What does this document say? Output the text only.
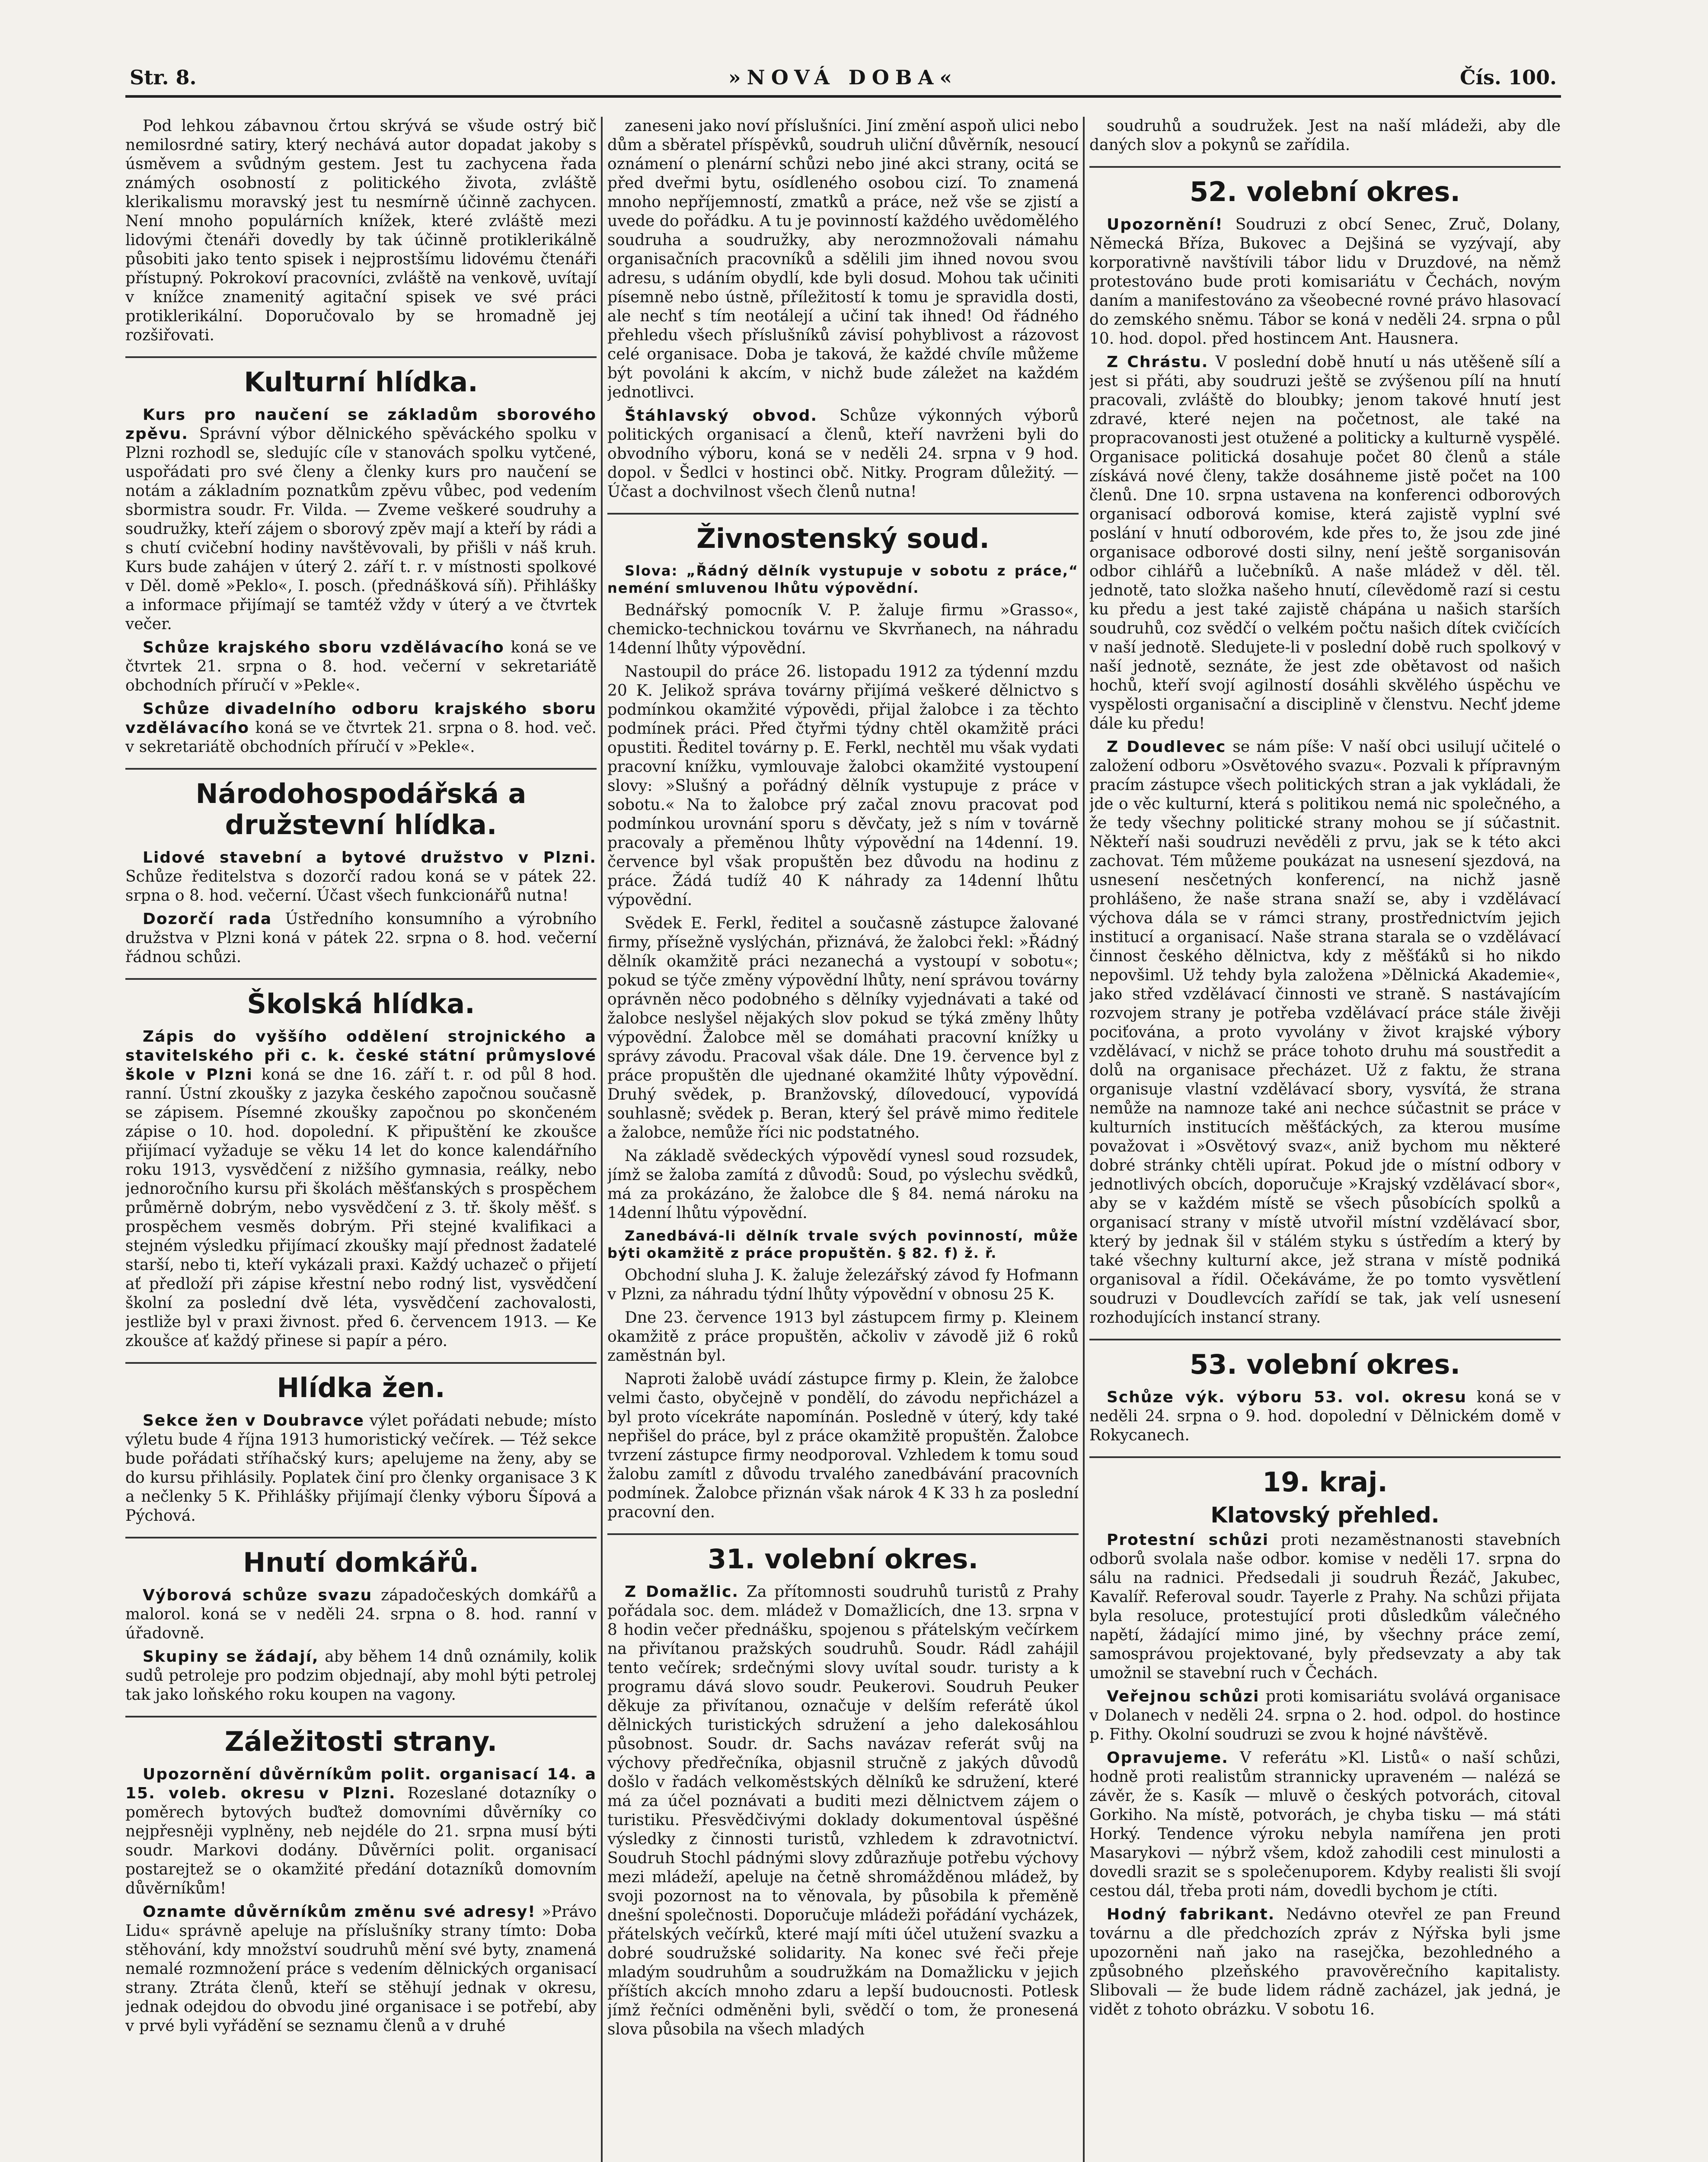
Str. 8.	»NOVÁ DOBA«	Čís. 100.

Pod lehkou zábavnou črtou skrývá se všude ostrý bič nemilosrdné satiry, který nechává autor dopadat jakoby s úsměvem a svůdným gestem. Jest tu zachycena řada známých osobností z politického života, zvláště klerikalismu moravský jest tu nesmírně účinně zachycen. Není mnoho populárních knížek, které zvláště mezi lidovými čtenáři dovedly by tak účinně protiklerikálně působiti jako tento spisek i nejprostšímu lidovému čtenáři přístupný. Pokrokoví pracovníci, zvláště na venkově, uvítají v knížce znamenitý agitační spisek ve své práci protiklerikální. Doporučovalo by se hromadně jej rozšiřovati.

Kulturní hlídka.

Kurs pro naučení se základům sborového zpěvu. Správní výbor dělnického spěváckého spolku v Plzni rozhodl se, sledujíc cíle v stanovách spolku vytčené, uspořádati pro své členy a členky kurs pro naučení se notám a základním poznatkům zpěvu vůbec, pod vedením sbormistra soudr. Fr. Vilda. — Zveme veškeré soudruhy a soudružky, kteří zájem o sborový zpěv mají a kteří by rádi a s chutí cvičební hodiny navštěvovali, by přišli v náš kruh. Kurs bude zahájen v úterý 2. září t. r. v místnosti spolkové v Děl. domě »Peklo«, I. posch. (přednášková síň). Přihlášky a informace přijímají se tamtéž vždy v úterý a ve čtvrtek večer.

Schůze krajského sboru vzdělávacího koná se ve čtvrtek 21. srpna o 8. hod. večerní v sekretariátě obchodních příručí v »Pekle«.

Schůze divadelního odboru krajského sboru vzdělávacího koná se ve čtvrtek 21. srpna o 8. hod. več. v sekretariátě obchodních příručí v »Pekle«.

Národohospodářská a družstevní hlídka.

Lidové stavební a bytové družstvo v Plzni. Schůze ředitelstva s dozorčí radou koná se v pátek 22. srpna o 8. hod. večerní. Účast všech funkcionářů nutna!

Dozorčí rada Ústředního konsumního a výrobního družstva v Plzni koná v pátek 22. srpna o 8. hod. večerní řádnou schůzi.

Školská hlídka.

Zápis do vyššího oddělení strojnického a stavitelského při c. k. české státní průmyslové škole v Plzni koná se dne 16. září t. r. od půl 8 hod. ranní. Ústní zkoušky z jazyka českého započnou současně se zápisem. Písemné zkoušky započnou po skončeném zápise o 10. hod. dopolední. K připuštění ke zkoušce přijímací vyžaduje se věku 14 let do konce kalendářního roku 1913, vysvědčení z nižšího gymnasia, reálky, nebo jednoročního kursu při školách měšťanských s prospěchem průměrně dobrým, nebo vysvědčení z 3. tř. školy měšť. s prospěchem vesměs dobrým. Při stejné kvalifikaci a stejném výsledku přijímací zkoušky mají přednost žadatelé starší, nebo ti, kteří vykázali praxi. Každý uchazeč o přijetí ať předloží při zápise křestní nebo rodný list, vysvědčení školní za poslední dvě léta, vysvědčení zachovalosti, jestliže byl v praxi živnost. před 6. červencem 1913. — Ke zkoušce ať každý přinese si papír a péro.

Hlídka žen.

Sekce žen v Doubravce výlet pořádati nebude; místo výletu bude 4 října 1913 humoristický večírek. — Též sekce bude pořádati stříhačský kurs; apelujeme na ženy, aby se do kursu přihlásily. Poplatek činí pro členky organisace 3 K a nečlenky 5 K. Přihlášky přijímají členky výboru Šípová a Pýchová.

Hnutí domkářů.

Výborová schůze svazu západočeských domkářů a malorol. koná se v neděli 24. srpna o 8. hod. ranní v úřadovně.

Skupiny se žádají, aby během 14 dnů oznámily, kolik sudů petroleje pro podzim objednají, aby mohl býti petrolej tak jako loňského roku koupen na vagony.

Záležitosti strany.

Upozornění důvěrníkům polit. organisací 14. a 15. voleb. okresu v Plzni. Rozeslané dotazníky o poměrech bytových buďtež domovními důvěrníky co nejpřesněji vyplněny, neb nejdéle do 21. srpna musí býti soudr. Markovi dodány. Důvěrníci polit. organisací postarejtež se o okamžité předání dotazníků domovním důvěrníkům!

Oznamte důvěrníkům změnu své adresy! »Právo Lidu« správně apeluje na příslušníky strany tímto: Doba stěhování, kdy množství soudruhů mění své byty, znamená nemalé rozmnožení práce s vedením dělnických organisací strany. Ztráta členů, kteří se stěhují jednak v okresu, jednak odejdou do obvodu jiné organisace i se potřebí, aby v prvé byli vyřádění se seznamu členů a v druhé

zaneseni jako noví příslušníci. Jiní změní aspoň ulici nebo dům a sběratel příspěvků, soudruh uliční důvěrník, nesoucí oznámení o plenární schůzi nebo jiné akci strany, ocitá se před dveřmi bytu, osídleného osobou cizí. To znamená mnoho nepříjemností, zmatků a práce, než vše se zjistí a uvede do pořádku. A tu je povinností každého uvědomělého soudruha a soudružky, aby nerozmnožovali námahu organisačních pracovníků a sdělili jim ihned novou svou adresu, s udáním obydlí, kde byli dosud. Mohou tak učiniti písemně nebo ústně, příležitostí k tomu je spravidla dosti, ale nechť s tím neotálejí a učiní tak ihned! Od řádného přehledu všech příslušníků závisí pohyblivost a rázovost celé organisace. Doba je taková, že každé chvíle můžeme být povoláni k akcím, v nichž bude záležet na každém jednotlivci.

Štáhlavský obvod. Schůze výkonných výborů politických organisací a členů, kteří navrženi byli do obvodního výboru, koná se v neděli 24. srpna v 9 hod. dopol. v Šedlci v hostinci obč. Nitky. Program důležitý. — Účast a dochvilnost všech členů nutna!

Živnostenský soud.

Slova: „Řádný dělník vystupuje v sobotu z práce,“ neméní smluvenou lhůtu výpovědní.

Bednářský pomocník V. P. žaluje firmu »Grasso«, chemicko-technickou továrnu ve Skvrňanech, na náhradu 14denní lhůty výpovědní.

Nastoupil do práce 26. listopadu 1912 za týdenní mzdu 20 K. Jelikož správa továrny přijímá veškeré dělnictvo s podmínkou okamžité výpovědi, přijal žalobce i za těchto podmínek práci. Před čtyřmi týdny chtěl okamžitě práci opustiti. Ředitel továrny p. E. Ferkl, nechtěl mu však vydati pracovní knížku, vymlouvaje žalobci okamžité vystoupení slovy: »Slušný a pořádný dělník vystupuje z práce v sobotu.« Na to žalobce prý začal znovu pracovat pod podmínkou urovnání sporu s děvčaty, jež s ním v továrně pracovaly a přeměnou lhůty výpovědní na 14denní. 19. července byl však propuštěn bez důvodu na hodinu z práce. Žádá tudíž 40 K náhrady za 14denní lhůtu výpovědní.

Svědek E. Ferkl, ředitel a současně zástupce žalované firmy, přísežně vyslýchán, přiznává, že žalobci řekl: »Řádný dělník okamžitě práci nezanechá a vystoupí v sobotu«; pokud se týče změny výpovědní lhůty, není správou továrny oprávněn něco podobného s dělníky vyjednávati a také od žalobce neslyšel nějakých slov pokud se týká změny lhůty výpovědní. Žalobce měl se domáhati pracovní knížky u správy závodu. Pracoval však dále. Dne 19. července byl z práce propuštěn dle ujednané okamžité lhůty výpovědní. Druhý svědek, p. Branžovský, dílovedoucí, vypovídá souhlasně; svědek p. Beran, který šel právě mimo ředitele a žalobce, nemůže říci nic podstatného.

Na základě svědeckých výpovědí vynesl soud rozsudek, jímž se žaloba zamítá z důvodů: Soud, po výslechu svědků, má za prokázáno, že žalobce dle § 84. nemá nároku na 14denní lhůtu výpovědní.

Zanedbává-li dělník trvale svých povinností, může býti okamžitě z práce propuštěn. § 82. f) ž. ř.

Obchodní sluha J. K. žaluje železářský závod fy Hofmann v Plzni, za náhradu týdní lhůty výpovědní v obnosu 25 K.

Dne 23. července 1913 byl zástupcem firmy p. Kleinem okamžitě z práce propuštěn, ačkoliv v závodě již 6 roků zaměstnán byl.

Naproti žalobě uvádí zástupce firmy p. Klein, že žalobce velmi často, obyčejně v pondělí, do závodu nepřicházel a byl proto vícekráte napomínán. Posledně v úterý, kdy také nepřišel do práce, byl z práce okamžitě propuštěn. Žalobce tvrzení zástupce firmy neodporoval. Vzhledem k tomu soud žalobu zamítl z důvodu trvalého zanedbávání pracovních podmínek. Žalobce přiznán však nárok 4 K 33 h za poslední pracovní den.

31. volební okres.

Z Domažlic. Za přítomnosti soudruhů turistů z Prahy pořádala soc. dem. mládež v Domažlicích, dne 13. srpna v 8 hodin večer přednášku, spojenou s přátelským večírkem na přivítanou pražských soudruhů. Soudr. Rádl zahájil tento večírek; srdečnými slovy uvítal soudr. turisty a k programu dává slovo soudr. Peukerovi. Soudruh Peuker děkuje za přivítanou, označuje v delším referátě úkol dělnických turistických sdružení a jeho dalekosáhlou působnost. Soudr. dr. Sachs navázav referát svůj na výchovy předřečníka, objasnil stručně z jakých důvodů došlo v řadách velkoměstských dělníků ke sdružení, které má za účel poznávati a buditi mezi dělnictvem zájem o turistiku. Přesvědčivými doklady dokumentoval úspěšné výsledky z činnosti turistů, vzhledem k zdravotnictví. Soudruh Stochl pádnými slovy zdůrazňuje potřebu výchovy mezi mládeží, apeluje na četně shromážděnou mládež, by svoji pozornost na to věnovala, by působila k přeměně dnešní společnosti. Doporučuje mládeži pořádání vycházek, přátelských večírků, které mají míti účel utužení svazku a dobré soudružské solidarity. Na konec své řeči přeje mladým soudruhům a soudružkám na Domažlicku v jejich příštích akcích mnoho zdaru a lepší budoucnosti. Potlesk jímž řečníci odměněni byli, svědčí o tom, že pronesená slova působila na všech mladých

soudruhů a soudružek. Jest na naší mládeži, aby dle daných slov a pokynů se zařídila.

52. volební okres.

Upozornění! Soudruzi z obcí Senec, Zruč, Dolany, Německá Bříza, Bukovec a Dejšiná se vyzývají, aby korporativně navštívili tábor lidu v Druzdové, na němž protestováno bude proti komisariátu v Čechách, novým daním a manifestováno za všeobecné rovné právo hlasovací do zemského sněmu. Tábor se koná v neděli 24. srpna o půl 10. hod. dopol. před hostincem Ant. Hausnera.

Z Chrástu. V poslední době hnutí u nás utěšeně sílí a jest si přáti, aby soudruzi ještě se zvýšenou pílí na hnutí pracovali, zvláště do bloubky; jenom takové hnutí jest zdravé, které nejen na početnost, ale také na propracovanosti jest otužené a politicky a kulturně vyspělé. Organisace politická dosahuje počet 80 členů a stále získává nové členy, takže dosáhneme jistě počet na 100 členů. Dne 10. srpna ustavena na konferenci odborových organisací odborová komise, která zajistě vyplní své poslání v hnutí odborovém, kde přes to, že jsou zde jiné organisace odborové dosti silny, není ještě sorganisován odbor cihlářů a lučebníků. A naše mládež v děl. těl. jednotě, tato složka našeho hnutí, cílevědomě razí si cestu ku předu a jest také zajistě chápána u našich starších soudruhů, coz svědčí o velkém počtu našich dítek cvičících v naší jednotě. Sledujete-li v poslední době ruch spolkový v naší jednotě, seznáte, že jest zde obětavost od našich hochů, kteří svojí agilností dosáhli skvělého úspěchu ve vyspělosti organisační a disciplině v členstvu. Nechť jdeme dále ku předu!

Z Doudlevec se nám píše: V naší obci usilují učitelé o založení odboru »Osvětového svazu«. Pozvali k přípravným pracím zástupce všech politických stran a jak vykládali, že jde o věc kulturní, která s politikou nemá nic společného, a že tedy všechny politické strany mohou se jí súčastnit. Někteří naši soudruzi nevěděli z prvu, jak se k této akci zachovat. Tém můžeme poukázat na usnesení sjezdová, na usnesení nesčetných konferencí, na nichž jasně prohlášeno, že naše strana snaží se, aby i vzdělávací výchova dála se v rámci strany, prostřednictvím jejich institucí a organisací. Naše strana starala se o vzdělávací činnost českého dělnictva, kdy z měšťáků si ho nikdo nepovšiml. Už tehdy byla založena »Dělnická Akademie«, jako střed vzdělávací činnosti ve straně. S nastávajícím rozvojem strany je potřeba vzdělávací práce stále živěji pociťována, a proto vyvolány v život krajské výbory vzdělávací, v nichž se práce tohoto druhu má soustředit a dolů na organisace přecházet. Už z faktu, že strana organisuje vlastní vzdělávací sbory, vysvítá, že strana nemůže na namnoze také ani nechce súčastnit se práce v kulturních institucích měšťáckých, za kterou musíme považovat i »Osvětový svaz«, aniž bychom mu některé dobré stránky chtěli upírat. Pokud jde o místní odbory v jednotlivých obcích, doporučuje »Krajský vzdělávací sbor«, aby se v každém místě se všech působících spolků a organisací strany v místě utvořil místní vzdělávací sbor, který by jednak šil v stálém styku s ústředím a který by také všechny kulturní akce, jež strana v místě podniká organisoval a řídil. Očekáváme, že po tomto vysvětlení soudruzi v Doudlevcích zařídí se tak, jak velí usnesení rozhodujících instancí strany.

53. volební okres.

Schůze výk. výboru 53. vol. okresu koná se v neděli 24. srpna o 9. hod. dopolední v Dělnickém domě v Rokycanech.

19. kraj.
Klatovský přehled.

Protestní schůzi proti nezaměstnanosti stavebních odborů svolala naše odbor. komise v neděli 17. srpna do sálu na radnici. Předsedali ji soudruh Řezáč, Jakubec, Kavalíř. Referoval soudr. Tayerle z Prahy. Na schůzi přijata byla resoluce, protestující proti důsledkům válečného napětí, žádající mimo jiné, by všechny práce zemí, samosprávou projektované, byly předsevzaty a aby tak umožnil se stavební ruch v Čechách.

Veřejnou schůzi proti komisariátu svolává organisace v Dolanech v neděli 24. srpna o 2. hod. odpol. do hostince p. Fithy. Okolní soudruzi se zvou k hojné návštěvě.

Opravujeme. V referátu »Kl. Listů« o naší schůzi, hodně proti realistům strannicky upraveném — nalézá se závěr, že s. Kasík — mluvě o českých potvorách, citoval Gorkiho. Na místě, potvorách, je chyba tisku — má státi Horký. Tendence výroku nebyla namířena jen proti Masarykovi — nýbrž všem, kdož zahodili cest minulosti a dovedli srazit se s společenuporem. Kdyby realisti šli svojí cestou dál, třeba proti nám, dovedli bychom je ctíti.

Hodný fabrikant. Nedávno otevřel ze pan Freund továrnu a dle předchozích zpráv z Nýřska byli jsme upozorněni naň jako na rasejčka, bezohledného a způsobného plzeňského pravověrečního kapitalisty. Slibovali — že bude lidem rádně zacházel, jak jedná, je vidět z tohoto obrázku. V sobotu 16.
